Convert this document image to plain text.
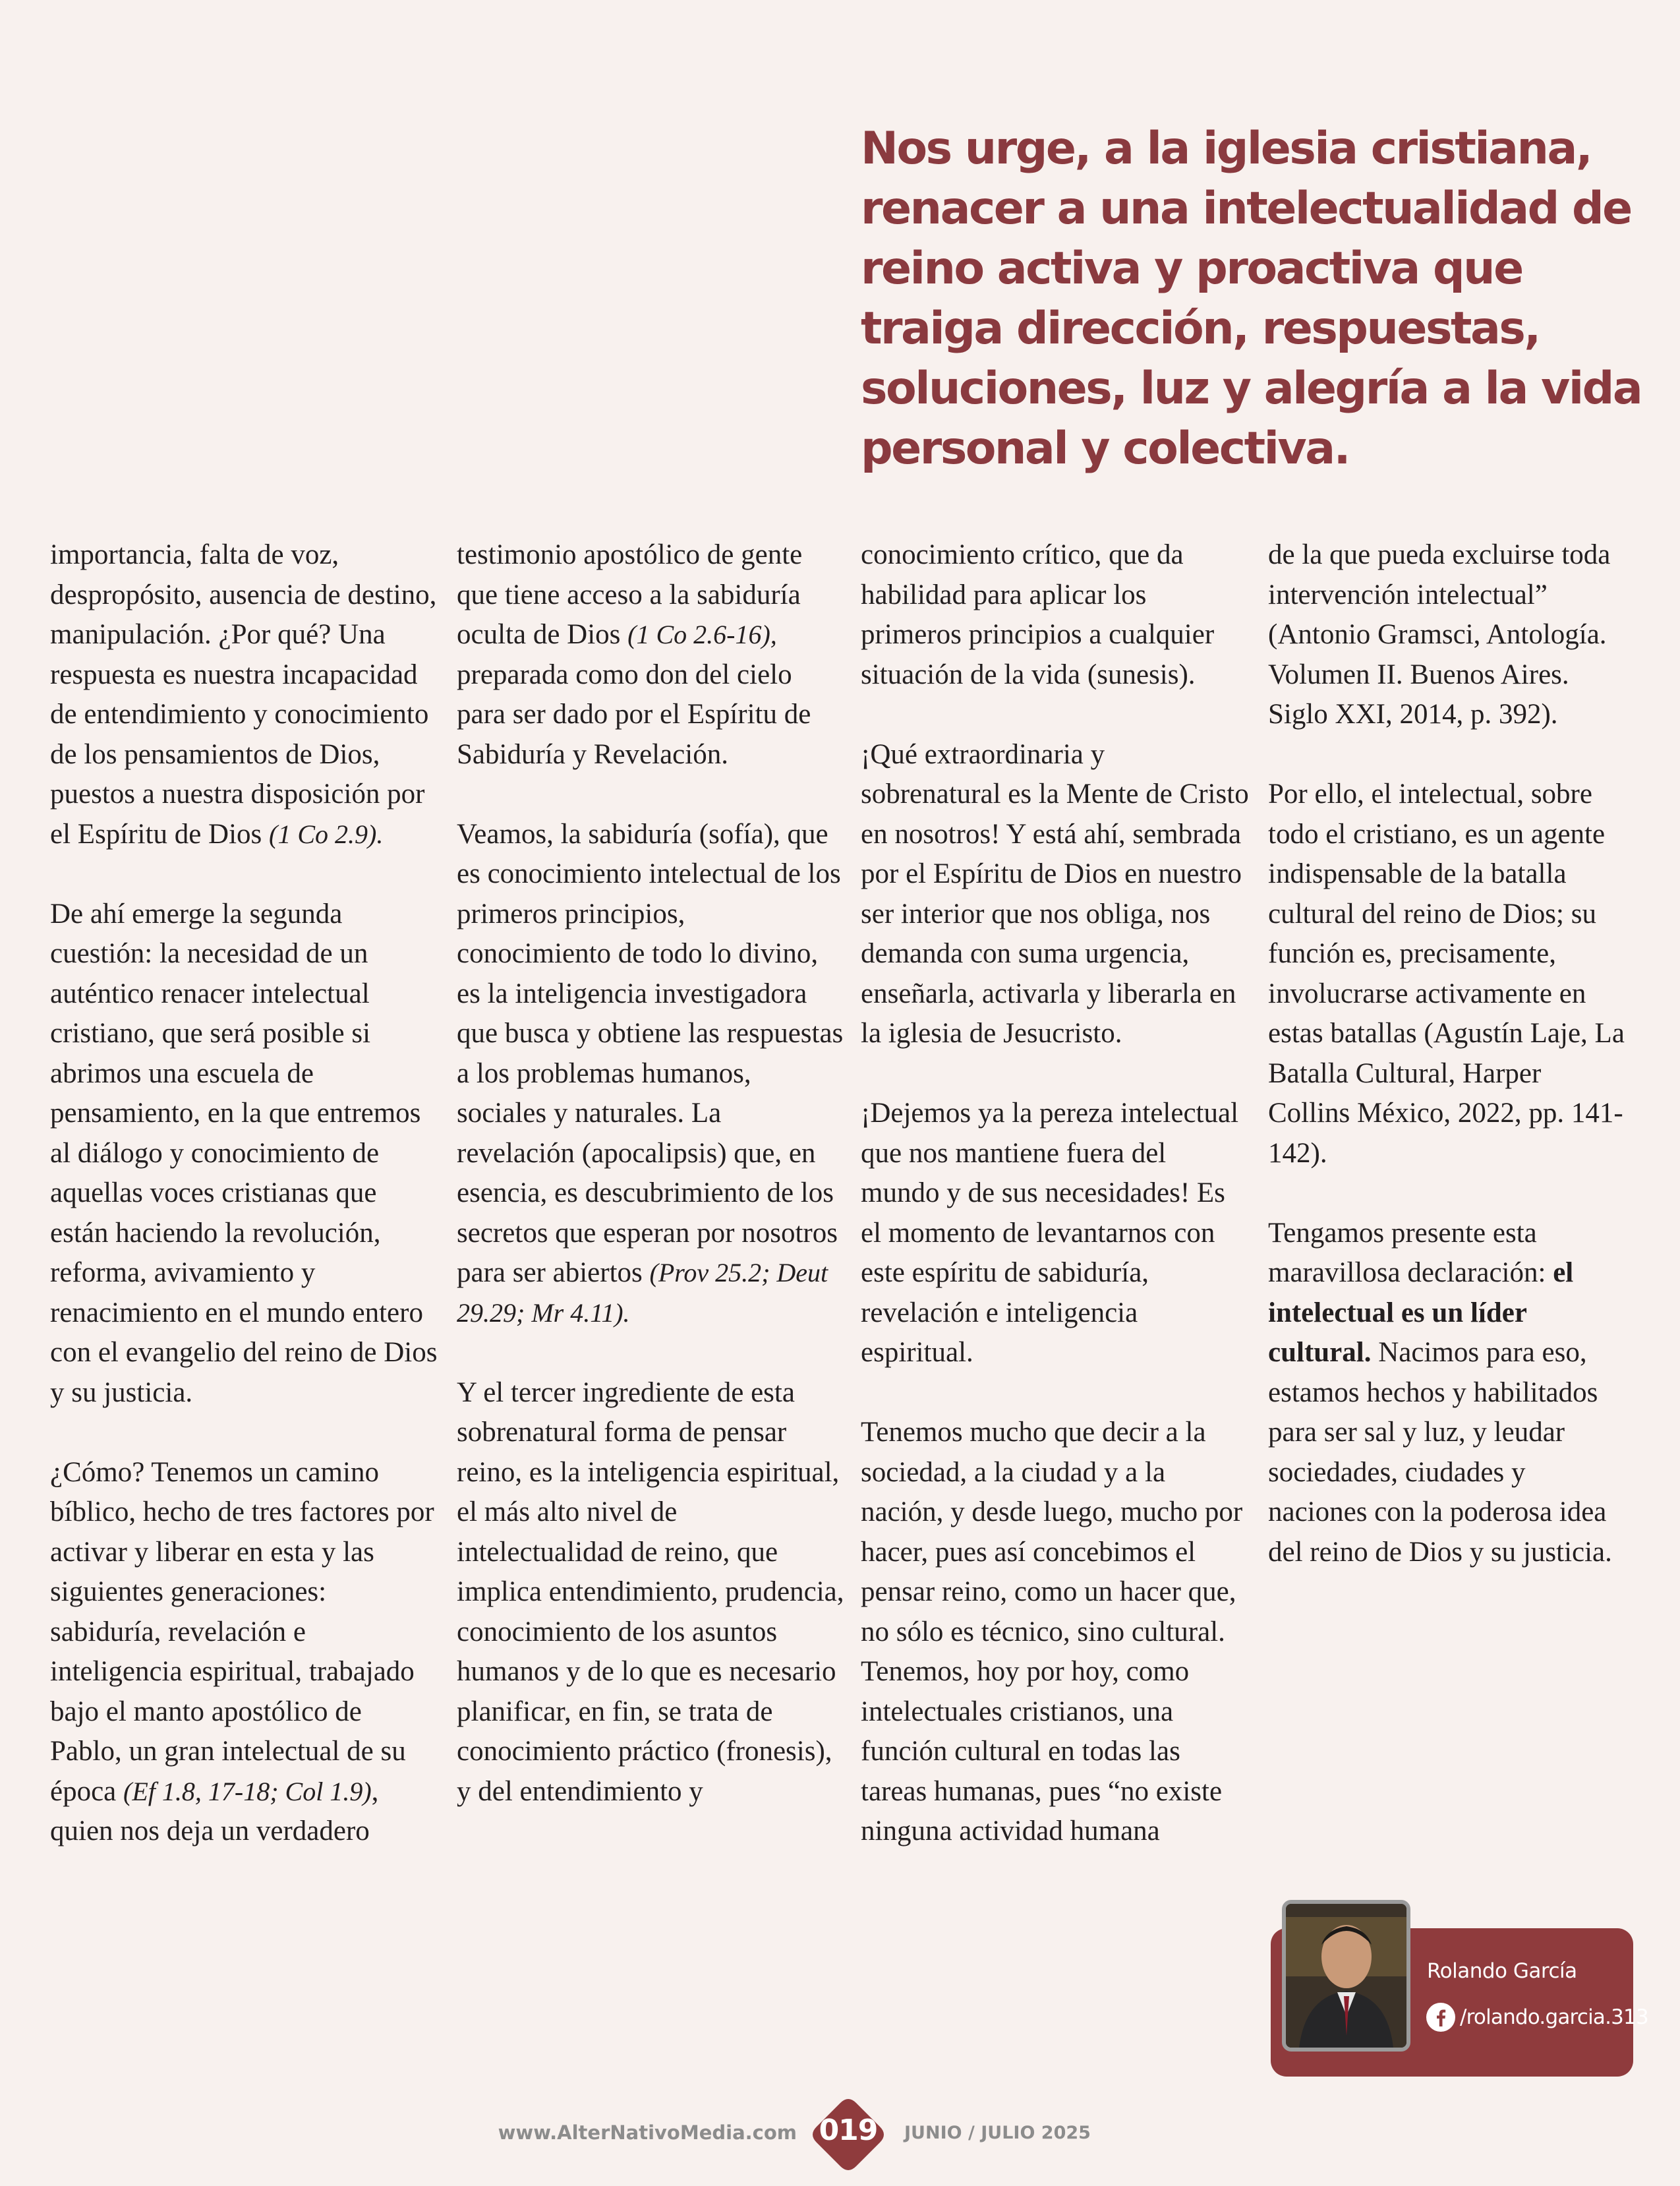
Nos urge, a la iglesia cristiana, renacer a una intelectualidad de reino activa y proactiva que traiga dirección, respuestas, soluciones, luz y alegría a la vida personal y colectiva.

importancia, falta de voz, despropósito, ausencia de destino, manipulación. ¿Por qué? Una respuesta es nuestra incapacidad de entendimiento y conocimiento de los pensamientos de Dios, puestos a nuestra disposición por el Espíritu de Dios (1 Co 2.9).

De ahí emerge la segunda cuestión: la necesidad de un auténtico renacer intelectual cristiano, que será posible si abrimos una escuela de pensamiento, en la que entremos al diálogo y conocimiento de aquellas voces cristianas que están haciendo la revolución, reforma, avivamiento y renacimiento en el mundo entero con el evangelio del reino de Dios y su justicia.

¿Cómo? Tenemos un camino bíblico, hecho de tres factores por activar y liberar en esta y las siguientes generaciones: sabiduría, revelación e inteligencia espiritual, trabajado bajo el manto apostólico de Pablo, un gran intelectual de su época (Ef 1.8, 17-18; Col 1.9), quien nos deja un verdadero

testimonio apostólico de gente que tiene acceso a la sabiduría oculta de Dios (1 Co 2.6-16), preparada como don del cielo para ser dado por el Espíritu de Sabiduría y Revelación.

Veamos, la sabiduría (sofía), que es conocimiento intelectual de los primeros principios, conocimiento de todo lo divino, es la inteligencia investigadora que busca y obtiene las respuestas a los problemas humanos, sociales y naturales. La revelación (apocalipsis) que, en esencia, es descubrimiento de los secretos que esperan por nosotros para ser abiertos (Prov 25.2; Deut 29.29; Mr 4.11).

Y el tercer ingrediente de esta sobrenatural forma de pensar reino, es la inteligencia espiritual, el más alto nivel de intelectualidad de reino, que implica entendimiento, prudencia, conocimiento de los asuntos humanos y de lo que es necesario planificar, en fin, se trata de conocimiento práctico (fronesis), y del entendimiento y

conocimiento crítico, que da habilidad para aplicar los primeros principios a cualquier situación de la vida (sunesis).

¡Qué extraordinaria y sobrenatural es la Mente de Cristo en nosotros! Y está ahí, sembrada por el Espíritu de Dios en nuestro ser interior que nos obliga, nos demanda con suma urgencia, enseñarla, activarla y liberarla en la iglesia de Jesucristo.

¡Dejemos ya la pereza intelectual que nos mantiene fuera del mundo y de sus necesidades! Es el momento de levantarnos con este espíritu de sabiduría, revelación e inteligencia espiritual.

Tenemos mucho que decir a la sociedad, a la ciudad y a la nación, y desde luego, mucho por hacer, pues así concebimos el pensar reino, como un hacer que, no sólo es técnico, sino cultural. Tenemos, hoy por hoy, como intelectuales cristianos, una función cultural en todas las tareas humanas, pues “no existe ninguna actividad humana

de la que pueda excluirse toda intervención intelectual” (Antonio Gramsci, Antología. Volumen II. Buenos Aires. Siglo XXI, 2014, p. 392).

Por ello, el intelectual, sobre todo el cristiano, es un agente indispensable de la batalla cultural del reino de Dios; su función es, precisamente, involucrarse activamente en estas batallas (Agustín Laje, La Batalla Cultural, Harper Collins México, 2022, pp. 141-142).

Tengamos presente esta maravillosa declaración: el intelectual es un líder cultural. Nacimos para eso, estamos hechos y habilitados para ser sal y luz, y leudar sociedades, ciudades y naciones con la poderosa idea del reino de Dios y su justicia.

Rolando García
/rolando.garcia.313
www.AlterNativoMedia.com 019	JUNIO / JULIO 2025
